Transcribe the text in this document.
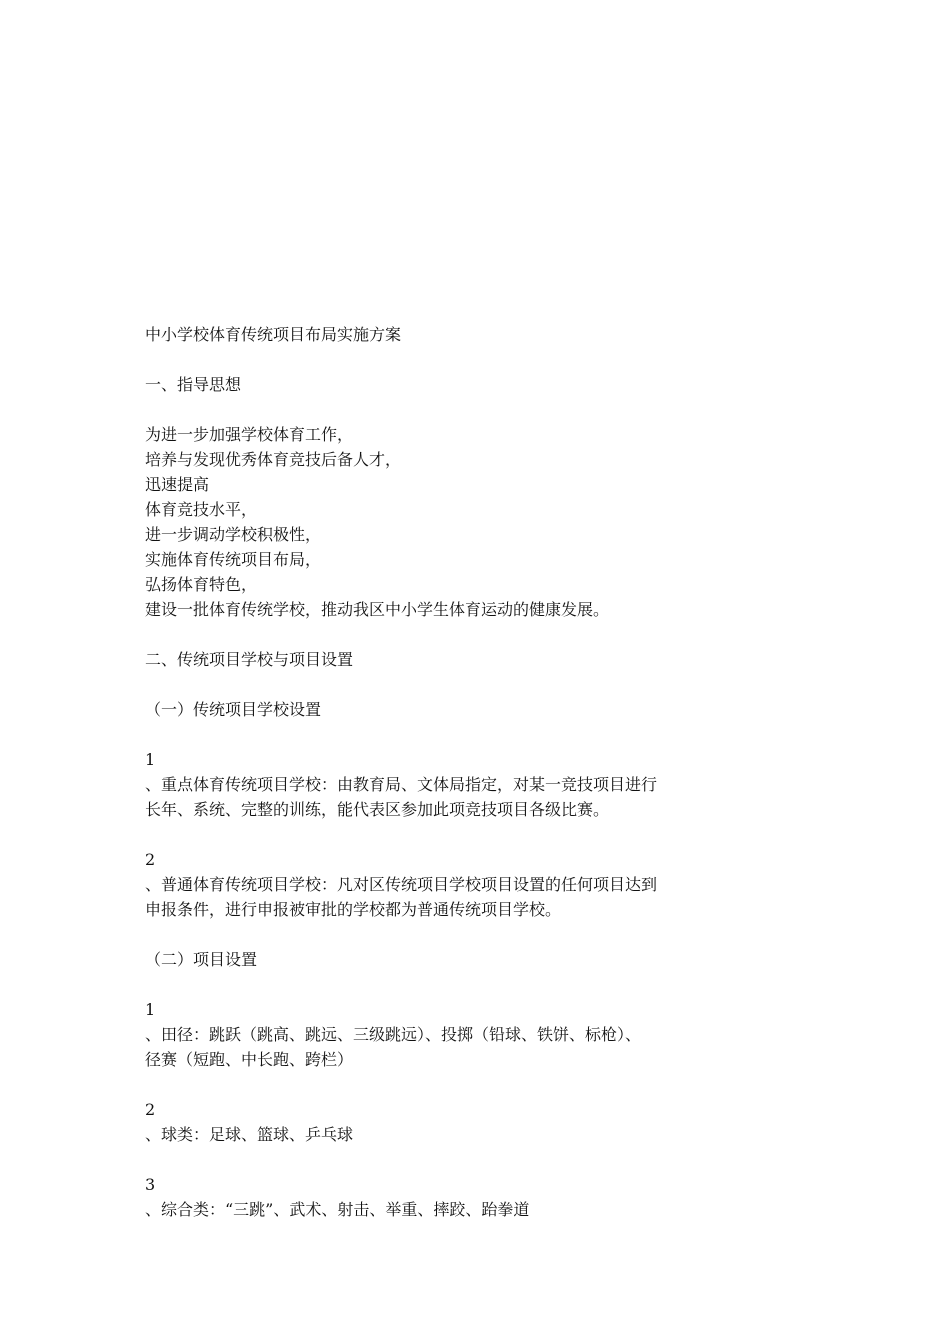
中小学校体育传统项目布局实施方案
一、指导思想
为进一步加强学校体育工作，
培养与发现优秀体育竞技后备人才，
迅速提高
体育竞技水平，
进一步调动学校积极性，
实施体育传统项目布局，
弘扬体育特色，
建设一批体育传统学校，推动我区中小学生体育运动的健康发展。
二、传统项目学校与项目设置
（一）传统项目学校设置
1
、重点体育传统项目学校：由教育局、文体局指定，对某一竞技项目进行
长年、系统、完整的训练，能代表区参加此项竞技项目各级比赛。
2
、普通体育传统项目学校：凡对区传统项目学校项目设置的任何项目达到
申报条件，进行申报被审批的学校都为普通传统项目学校。
（二）项目设置
1
、田径：跳跃（跳高、跳远、三级跳远）、投掷（铅球、铁饼、标枪）、
径赛（短跑、中长跑、跨栏）
2
、球类：足球、篮球、乒乓球
3
、综合类：“三跳”、武术、射击、举重、摔跤、跆拳道
